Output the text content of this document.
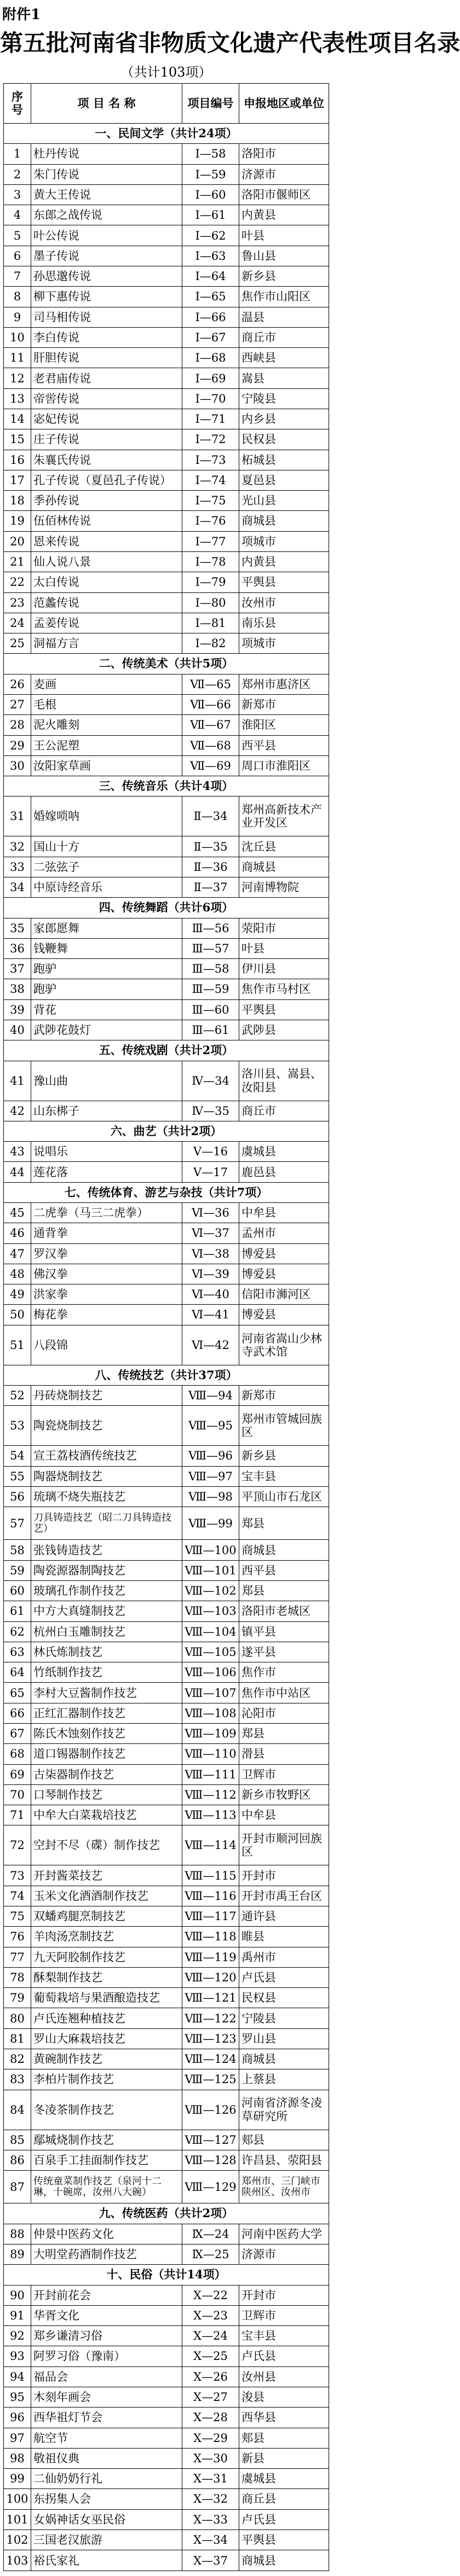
附件1
第五批河南省非物质文化遗产代表性项目名录
（共计103项）
序号	项 目 名 称	项目编号	申报地区或单位
一、民间文学（共计24项）			
1	杜丹传说	Ⅰ—58	洛阳市
2	朱门传说	Ⅰ—59	济源市
3	黄大王传说	Ⅰ—60	洛阳市偃师区
4	东郎之战传说	Ⅰ—61	内黄县
5	叶公传说	Ⅰ—62	叶县
6	墨子传说	Ⅰ—63	鲁山县
7	孙思邈传说	Ⅰ—64	新乡县
8	柳下惠传说	Ⅰ—65	焦作市山阳区
9	司马相传说	Ⅰ—66	温县
10	李白传说	Ⅰ—67	商丘市
11	肝胆传说	Ⅰ—68	西峡县
12	老君庙传说	Ⅰ—69	嵩县
13	帝喾传说	Ⅰ—70	宁陵县
14	宓妃传说	Ⅰ—71	内乡县
15	庄子传说	Ⅰ—72	民权县
16	朱襄氏传说	Ⅰ—73	柘城县
17	孔子传说（夏邑孔子传说）	Ⅰ—74	夏邑县
18	季孙传说	Ⅰ—75	光山县
19	伍佰林传说	Ⅰ—76	商城县
20	恩来传说	Ⅰ—77	项城市
21	仙人说八景	Ⅰ—78	内黄县
22	太白传说	Ⅰ—79	平舆县
23	范蠡传说	Ⅰ—80	汝州市
24	孟姜传说	Ⅰ—81	南乐县
25	洞福方言	Ⅰ—82	项城市
二、传统美术（共计5项）			
26	麦画	Ⅶ—65	郑州市惠济区
27	毛根	Ⅶ—66	新郑市
28	泥火雕刻	Ⅶ—67	淮阳区
29	王公泥塑	Ⅶ—68	西平县
30	汝阳家草画	Ⅶ—69	周口市淮阳区
三、传统音乐（共计4项）			
31	婚嫁唢呐	Ⅱ—34	郑州高新技术产业开发区
32	国山十方	Ⅱ—35	沈丘县
33	二弦弦子	Ⅱ—36	商城县
34	中原诗经音乐	Ⅱ—37	河南博物院
四、传统舞蹈（共计6项）			
35	家郎愿舞	Ⅲ—56	荥阳市
36	钱鞭舞	Ⅲ—57	叶县
37	跑驴	Ⅲ—58	伊川县
38	跑驴	Ⅲ—59	焦作市马村区
39	背花	Ⅲ—60	平舆县
40	武陟花鼓灯	Ⅲ—61	武陟县
五、传统戏剧（共计2项）			
41	豫山曲	Ⅳ—34	洛川县、嵩县、汝阳县
42	山东梆子	Ⅳ—35	商丘市
六、曲艺（共计2项）			
43	说唱乐	Ⅴ—16	虞城县
44	莲花落	Ⅴ—17	鹿邑县
七、传统体育、游艺与杂技（共计7项）			
45	二虎拳（马三二虎拳）	Ⅵ—36	中牟县
46	通背拳	Ⅵ—37	孟州市
47	罗汉拳	Ⅵ—38	博爱县
48	佛汉拳	Ⅵ—39	博爱县
49	洪家拳	Ⅵ—40	信阳市浉河区
50	梅花拳	Ⅵ—41	博爱县
51	八段锦	Ⅵ—42	河南省嵩山少林寺武术馆
八、传统技艺（共计37项）			
52	丹砖烧制技艺	Ⅷ—94	新郑市
53	陶瓷烧制技艺	Ⅷ—95	郑州市管城回族区
54	宣王荔枝酒传统技艺	Ⅷ—96	新乡县
55	陶器烧制技艺	Ⅷ—97	宝丰县
56	琉璃不烧失瓶技艺	Ⅷ—98	平顶山市石龙区
57	刀具铸造技艺（昭二刀具铸造技艺）	Ⅷ—99	郑县
58	张钱铸造技艺	Ⅷ—100	商城县
59	陶瓷源器制陶技艺	Ⅷ—101	西平县
60	玻璃孔作制作技艺	Ⅷ—102	郑县
61	中方大真缝制技艺	Ⅷ—103	洛阳市老城区
62	杭州白玉雕制技艺	Ⅷ—104	镇平县
63	林氏炼制技艺	Ⅷ—105	遂平县
64	竹纸制作技艺	Ⅷ—106	焦作市
65	李村大豆酱制作技艺	Ⅷ—107	焦作市中站区
66	正红汇器制作技艺	Ⅷ—108	沁阳市
67	陈氏木蚀刻作技艺	Ⅷ—109	郑县
68	道口锡器制作技艺	Ⅷ—110	滑县
69	古柒器制作技艺	Ⅷ—111	卫辉市
70	口琴制作技艺	Ⅷ—112	新乡市牧野区
71	中牟大白菜栽培技艺	Ⅷ—113	中牟县
72	空封不尽（碟）制作技艺	Ⅷ—114	开封市顺河回族区
73	开封酱菜技艺	Ⅷ—115	开封市
74	玉米文化酒酒制作技艺	Ⅷ—116	开封市禹王台区
75	双蟠鸡腿烹制技艺	Ⅷ—117	通许县
76	羊肉汤烹制技艺	Ⅷ—118	睢县
77	九天阿胶制作技艺	Ⅷ—119	禹州市
78	酥梨制作技艺	Ⅷ—120	卢氏县
79	葡萄栽培与果酒酿造技艺	Ⅷ—121	民权县
80	卢氏连翘种植技艺	Ⅷ—122	宁陵县
81	罗山大麻栽培技艺	Ⅷ—123	罗山县
82	黄碗制作技艺	Ⅷ—124	商城县
83	李柏片制作技艺	Ⅷ—125	上蔡县
84	冬凌茶制作技艺	Ⅷ—126	河南省济源冬凌草研究所
85	鄢城烧制作技艺	Ⅷ—127	郏县
86	百泉手工挂面制作技艺	Ⅷ—128	许昌县、荥阳县
87	传统童菜制作技艺（泉河十二琳，十碗席，汝州八大碗）	Ⅷ—129	郑州市、三门峡市陕州区、汝州市
九、传统医药（共计2项）			
88	仲景中医药文化	Ⅸ—24	河南中医药大学
89	大明堂药酒制作技艺	Ⅸ—25	济源市
十、民俗（共计14项）			
90	开封前花会	Ⅹ—22	开封市
91	华胥文化	Ⅹ—23	卫辉市
92	郑乡谦清习俗	Ⅹ—24	宝丰县
93	阿罗习俗（豫南）	Ⅹ—25	卢氏县
94	福品会	Ⅹ—26	汝州县
95	木刻年画会	Ⅹ—27	浚县
96	西华祖灯节会	Ⅹ—28	西华县
97	航空节	Ⅹ—29	郏县
98	敬祖仪典	Ⅹ—30	新县
99	二仙奶奶行礼	Ⅹ—31	虞城县
100	东拐集人会	Ⅹ—32	商丘县
101	女娲神话女巫民俗	Ⅹ—33	卢氏县
102	三国老汉旅游	Ⅹ—34	平舆县
103	裕氏家礼	Ⅹ—37	商城县
